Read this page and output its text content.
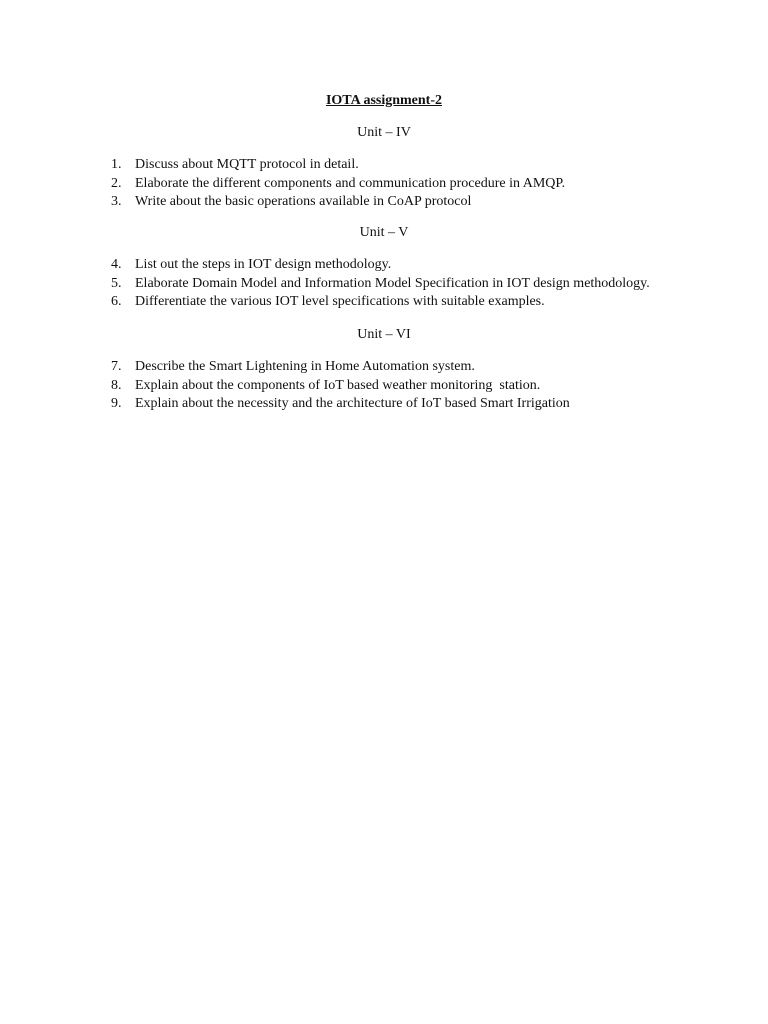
IOTA assignment-2
Unit – IV
1. Discuss about MQTT protocol in detail.
2. Elaborate the different components and communication procedure in AMQP.
3. Write about the basic operations available in CoAP protocol
Unit – V
4. List out the steps in IOT design methodology.
5. Elaborate Domain Model and Information Model Specification in IOT design methodology.
6. Differentiate the various IOT level specifications with suitable examples.
Unit – VI
7. Describe the Smart Lightening in Home Automation system.
8. Explain about the components of IoT based weather monitoring  station.
9. Explain about the necessity and the architecture of IoT based Smart Irrigation
